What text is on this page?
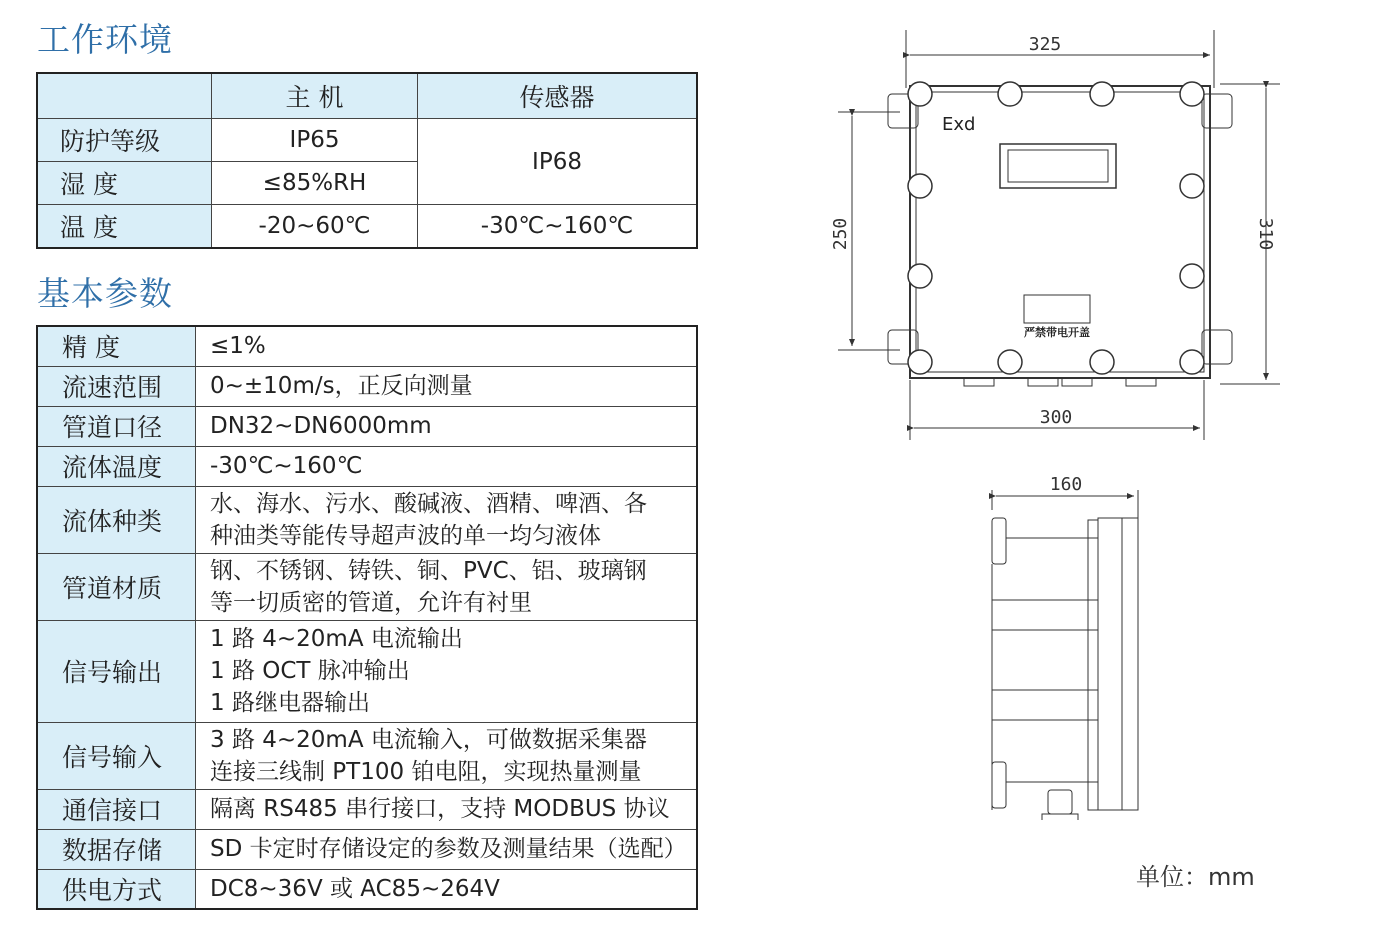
工作环境
	主 机	传感器
防护等级	IP65	IP68
湿 度	≤85%RH	
温 度	-20~60℃	-30℃~160℃
基本参数
精 度	≤1%

流速范围	0~±10m/s，正反向测量

管道口径	DN32~DN6000mm

流体温度	-30℃~160℃

流体种类	水、海水、污水、酸碱液、酒精、啤酒、各
种油类等能传导超声波的单一均匀液体

管道材质	钢、不锈钢、铸铁、铜、PVC、铝、玻璃钢
等一切质密的管道，允许有衬里

信号输出	1 路 4~20mA 电流输出
1 路 OCT 脉冲输出
1 路继电器输出

信号输入	3 路 4~20mA 电流输入，可做数据采集器
连接三线制 PT100 铂电阻，实现热量测量

通信接口	隔离 RS485 串行接口，支持 MODBUS 协议

数据存储	SD 卡定时存储设定的参数及测量结果（选配）

供电方式	DC8~36V 或 AC85~264V
325
250	310
300
160
Exd
严禁带电开盖
单位：mm
